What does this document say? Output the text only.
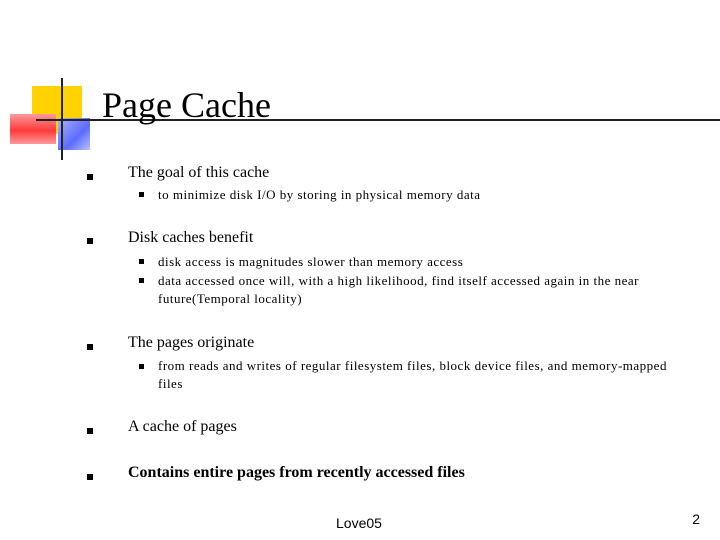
Page Cache
The goal of this cache
to minimize disk I/O by storing in physical memory data
Disk caches benefit
disk access is magnitudes slower than memory access
data accessed once will, with a high likelihood, find itself accessed again in the near future(Temporal locality)
The pages originate
from reads and writes of regular filesystem files, block device files, and memory-mapped files
A cache of pages
Contains entire pages from recently accessed files
Love05	2
